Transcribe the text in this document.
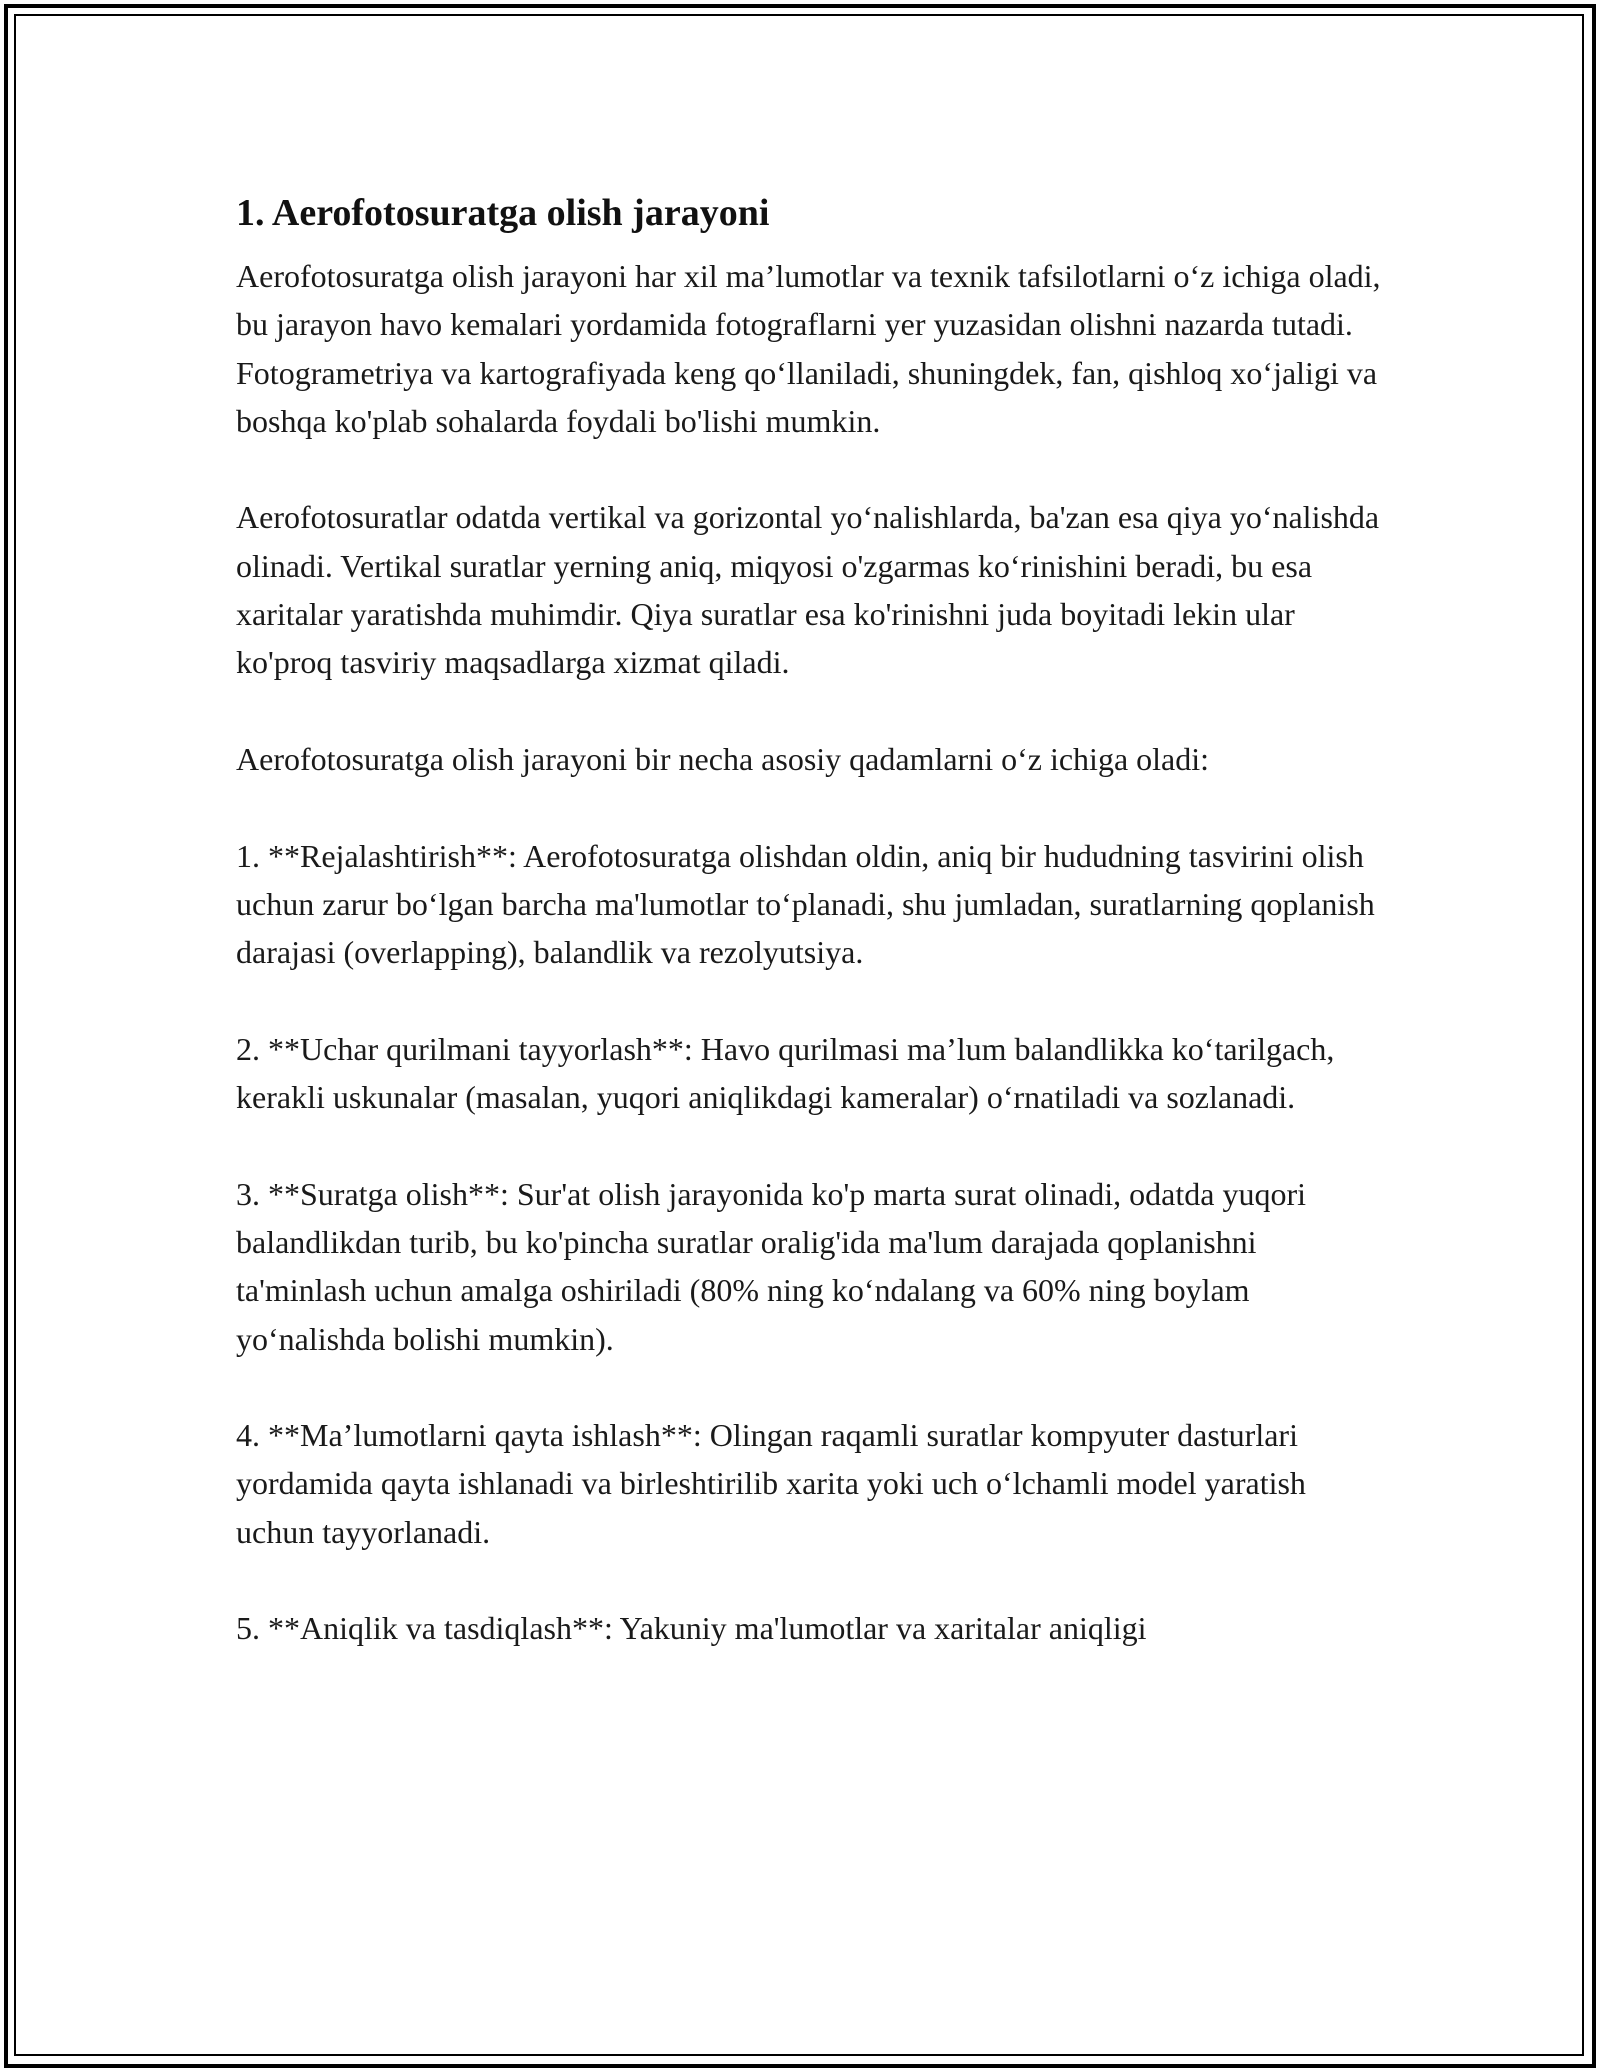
1. Aerofotosuratga olish jarayoni

Aerofotosuratga olish jarayoni har xil ma’lumotlar va texnik tafsilotlarni o‘z ichiga oladi, bu jarayon havo kemalari yordamida fotograflarni yer yuzasidan olishni nazarda tutadi. Fotogrametriya va kartografiyada keng qo‘llaniladi, shuningdek, fan, qishloq xo‘jaligi va boshqa ko'plab sohalarda foydali bo'lishi mumkin.

Aerofotosuratlar odatda vertikal va gorizontal yo‘nalishlarda, ba'zan esa qiya yo‘nalishda olinadi. Vertikal suratlar yerning aniq, miqyosi o'zgarmas ko‘rinishini beradi, bu esa xaritalar yaratishda muhimdir. Qiya suratlar esa ko'rinishni juda boyitadi lekin ular ko'proq tasviriy maqsadlarga xizmat qiladi.

Aerofotosuratga olish jarayoni bir necha asosiy qadamlarni o‘z ichiga oladi:

1. **Rejalashtirish**: Aerofotosuratga olishdan oldin, aniq bir hududning tasvirini olish uchun zarur bo‘lgan barcha ma'lumotlar to‘planadi, shu jumladan, suratlarning qoplanish darajasi (overlapping), balandlik va rezolyutsiya.

2. **Uchar qurilmani tayyorlash**: Havo qurilmasi ma’lum balandlikka ko‘tarilgach, kerakli uskunalar (masalan, yuqori aniqlikdagi kameralar) o‘rnatiladi va sozlanadi.

3. **Suratga olish**: Sur'at olish jarayonida ko'p marta surat olinadi, odatda yuqori balandlikdan turib, bu ko'pincha suratlar oralig'ida ma'lum darajada qoplanishni ta'minlash uchun amalga oshiriladi (80% ning ko‘ndalang va 60% ning boylam yo‘nalishda bolishi mumkin).

4. **Ma’lumotlarni qayta ishlash**: Olingan raqamli suratlar kompyuter dasturlari yordamida qayta ishlanadi va birleshtirilib xarita yoki uch o‘lchamli model yaratish uchun tayyorlanadi.

5. **Aniqlik va tasdiqlash**: Yakuniy ma'lumotlar va xaritalar aniqligi
